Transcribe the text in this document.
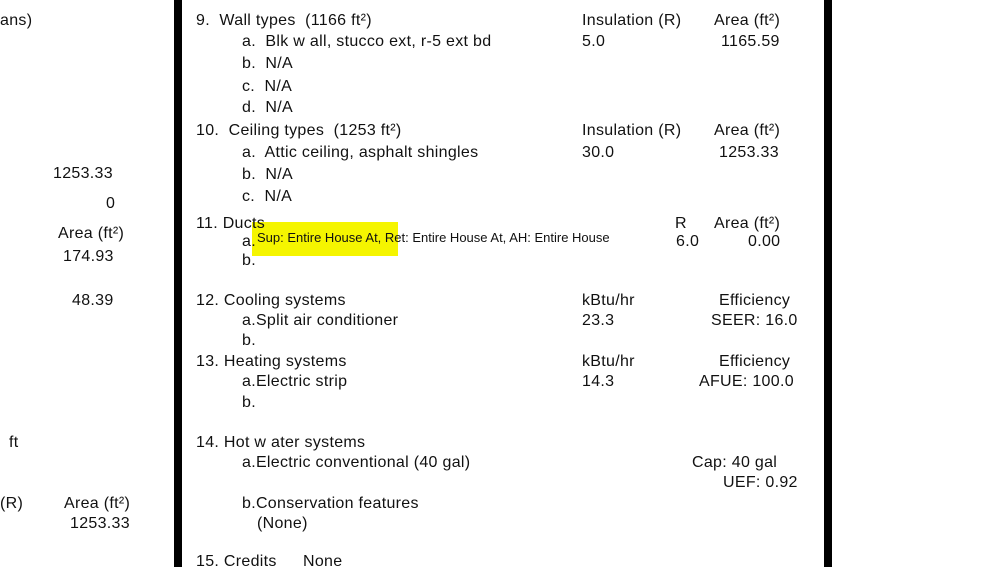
ans)
1253.33
0
Area (ft²)
174.93
48.39
ft
(R)	Area (ft²)
1253.33
9.  Wall types  (1166 ft²)	Insulation (R) Area (ft²)
a.  Blk w all, stucco ext, r-5 ext bd	5.0	1165.59
b.  N/A
c.  N/A
d.  N/A
10.  Ceiling types  (1253 ft²)	Insulation (R) Area (ft²)
a.  Attic ceiling, asphalt shingles	30.0	1253.33
b.  N/A
c.  N/A
11. Ducts	R Area (ft²)
a. Sup: Entire House At, Ret: Entire House At, AH: Entire House	6.0	0.00
b.
12. Cooling systems	kBtu/hr	Efficiency
a.Split air conditioner	23.3	SEER: 16.0
b.
13. Heating systems	kBtu/hr	Efficiency
a.Electric strip	14.3	AFUE: 100.0
b.
14. Hot w ater systems
a.Electric conventional (40 gal)	Cap: 40 gal
UEF: 0.92
b.Conservation features
(None)
15. Credits None
